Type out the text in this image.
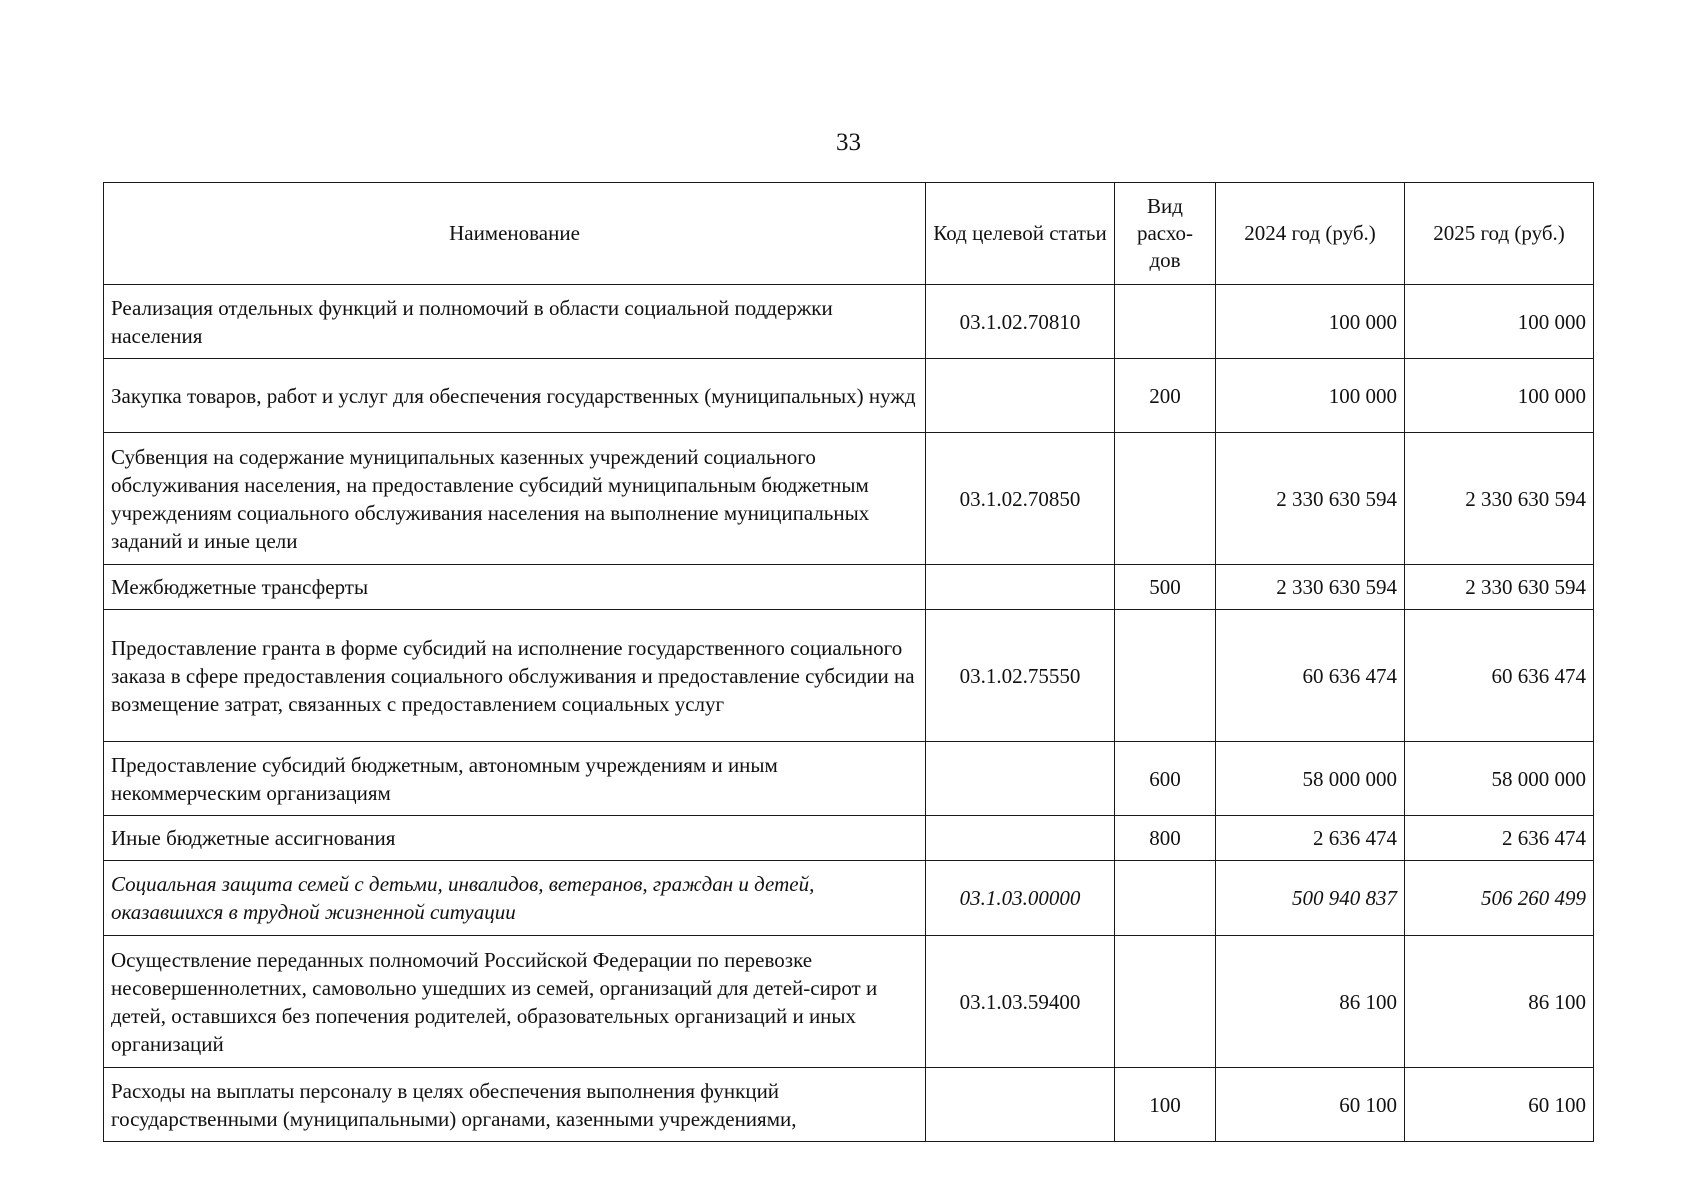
33
Наименование	Код целевой статьи	Вид расхо-дов	2024 год (руб.)	2025 год (руб.)
Реализация отдельных функций и полномочий в области социальной поддержки населения	03.1.02.70810		100 000	100 000
Закупка товаров, работ и услуг для обеспечения государственных (муниципальных) нужд		200	100 000	100 000
Субвенция на содержание муниципальных казенных учреждений социального обслуживания населения, на предоставление субсидий муниципальным бюджетным учреждениям социального обслуживания населения на выполнение муниципальных заданий и иные цели	03.1.02.70850		2 330 630 594	2 330 630 594
Межбюджетные трансферты		500	2 330 630 594	2 330 630 594
Предоставление гранта в форме субсидий на исполнение государственного социального заказа в сфере предоставления социального обслуживания и предоставление субсидии на возмещение затрат, связанных с предоставлением социальных услуг	03.1.02.75550		60 636 474	60 636 474
Предоставление субсидий бюджетным, автономным учреждениям и иным некоммерческим организациям		600	58 000 000	58 000 000
Иные бюджетные ассигнования		800	2 636 474	2 636 474
Социальная защита семей с детьми, инвалидов, ветеранов, граждан и детей, оказавшихся в трудной жизненной ситуации	03.1.03.00000		500 940 837	506 260 499
Осуществление переданных полномочий Российской Федерации по перевозке несовершеннолетних, самовольно ушедших из семей, организаций для детей-сирот и детей, оставшихся без попечения родителей, образовательных организаций и иных организаций	03.1.03.59400		86 100	86 100
Расходы на выплаты персоналу в целях обеспечения выполнения функций государственными (муниципальными) органами, казенными учреждениями,		100	60 100	60 100
